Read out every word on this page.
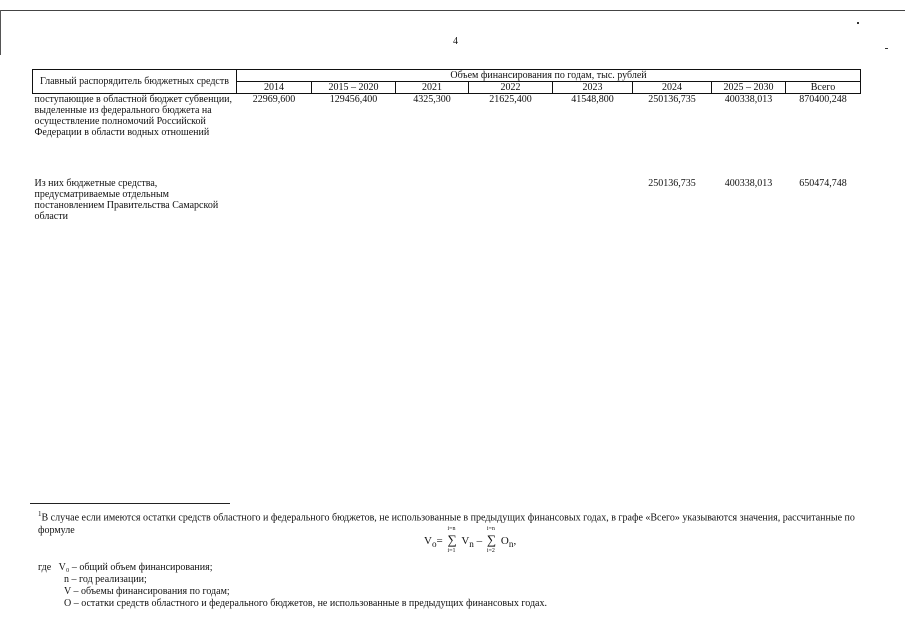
4
Главный распорядитель бюджетных средств	Объем финансирования по годам, тыс. рублей							
	2014	2015 – 2020	2021	2022	2023	2024	2025 – 2030	Всего
поступающие в областной бюджет субвенции, выделенные из федерального бюджета на осуществление полномочий Российской Федерации в области водных отношений	22969,600	129456,400	4325,300	21625,400	41548,800	250136,735	400338,013	870400,248
Из них бюджетные средства, предусматриваемые отдельным постановлением Правительства Самарской области						250136,735	400338,013	650474,748
$^1$В случае если имеются остатки средств областного и федерального бюджетов, не использованные в предыдущих финансовых годах, в графе «Всего» указываются значения, рассчитанные по формуле
$V_o=$ ∑
i=n
i=1
$V_n$ – ∑
i=n
i=2
$O_n$,
где V₀ – общий объем финансирования;
n – год реализации;
V – объемы финансирования по годам;
O – остатки средств областного и федерального бюджетов, не использованные в предыдущих финансовых годах.
